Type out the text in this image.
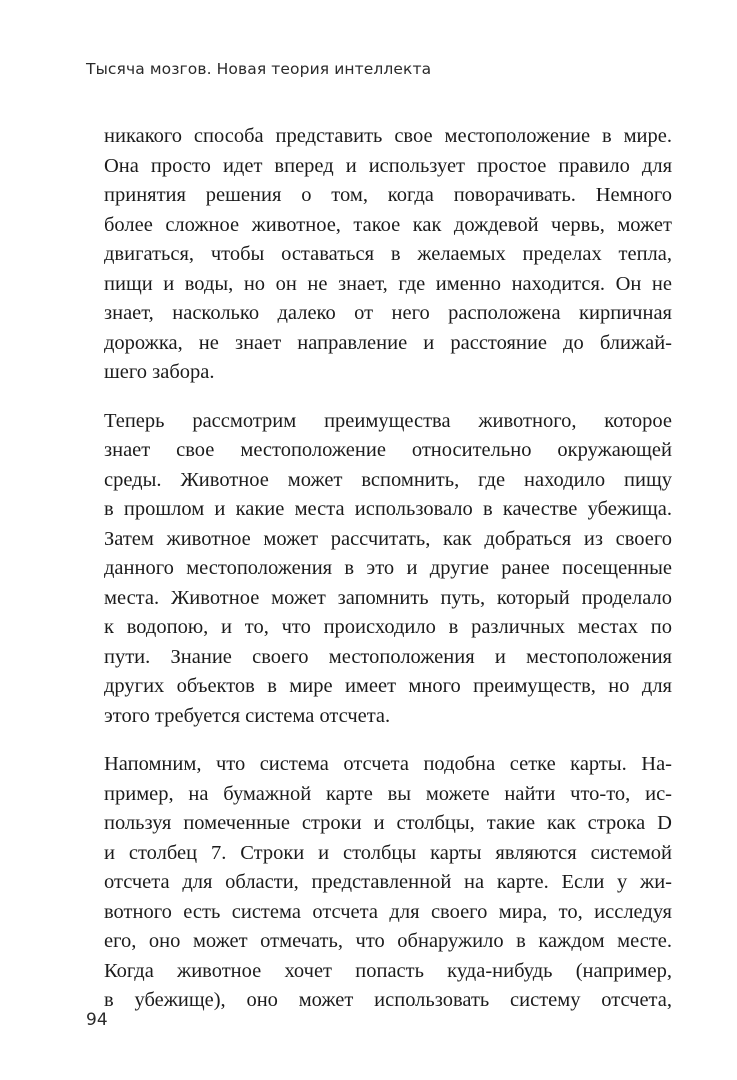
Тысяча мозгов. Новая теория интеллекта

никакого способа представить свое местоположение в мире.
Она просто идет вперед и использует простое правило для
принятия решения о том, когда поворачивать. Немного
более сложное животное, такое как дождевой червь, может
двигаться, чтобы оставаться в желаемых пределах тепла,
пищи и воды, но он не знает, где именно находится. Он не
знает, насколько далеко от него расположена кирпичная
дорожка, не знает направление и расстояние до ближай-
шего забора.

Теперь рассмотрим преимущества животного, которое
знает свое местоположение относительно окружающей
среды. Животное может вспомнить, где находило пищу
в прошлом и какие места использовало в качестве убежища.
Затем животное может рассчитать, как добраться из своего
данного местоположения в это и другие ранее посещенные
места. Животное может запомнить путь, который проделало
к водопою, и то, что происходило в различных местах по
пути. Знание своего местоположения и местоположения
других объектов в мире имеет много преимуществ, но для
этого требуется система отсчета.

Напомним, что система отсчета подобна сетке карты. На-
пример, на бумажной карте вы можете найти что-то, ис-
пользуя помеченные строки и столбцы, такие как строка D
и столбец 7. Строки и столбцы карты являются системой
отсчета для области, представленной на карте. Если у жи-
вотного есть система отсчета для своего мира, то, исследуя
его, оно может отмечать, что обнаружило в каждом месте.
Когда животное хочет попасть куда-нибудь (например,
в убежище), оно может использовать систему отсчета,

94
